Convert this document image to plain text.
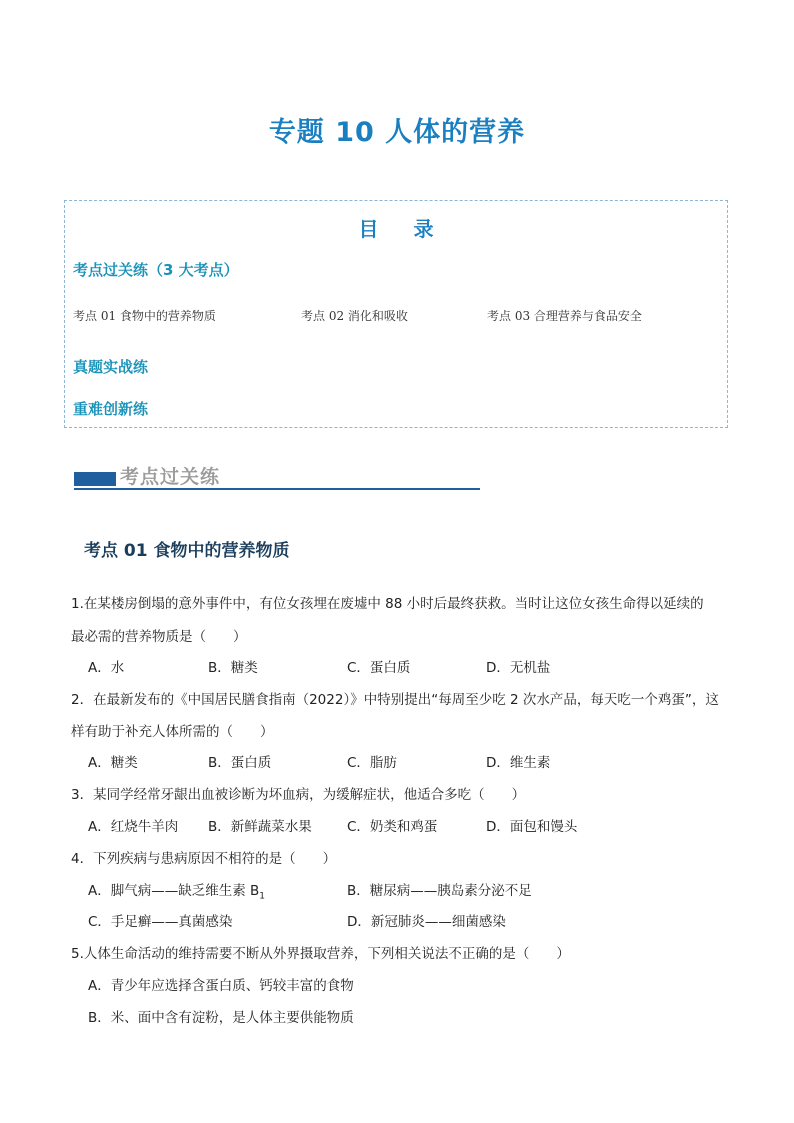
专题 10 人体的营养
目 录
考点过关练（3 大考点）
考点 01 食物中的营养物质	考点 02 消化和吸收	考点 03 合理营养与食品安全
真题实战练
重难创新练
考点过关练
考点 01 食物中的营养物质
1.在某楼房倒塌的意外事件中，有位女孩埋在废墟中 88 小时后最终获救。当时让这位女孩生命得以延续的
最必需的营养物质是（　　）
A．水	B．糖类	C．蛋白质	D．无机盐
2．在最新发布的《中国居民膳食指南（2022）》中特别提出“每周至少吃 2 次水产品，每天吃一个鸡蛋”，这
样有助于补充人体所需的（　　）
A．糖类	B．蛋白质	C．脂肪	D．维生素
3．某同学经常牙龈出血被诊断为坏血病，为缓解症状，他适合多吃（　　）
A．红烧牛羊肉 B．新鲜蔬菜水果	C．奶类和鸡蛋	D．面包和馒头
4．下列疾病与患病原因不相符的是（　　）
A．脚气病——缺乏维生素 $B_1$	B．糖尿病——胰岛素分泌不足
C．手足癣——真菌感染	D．新冠肺炎——细菌感染
5.人体生命活动的维持需要不断从外界摄取营养，下列相关说法不正确的是（　　）
A．青少年应选择含蛋白质、钙较丰富的食物
B．米、面中含有淀粉，是人体主要供能物质
